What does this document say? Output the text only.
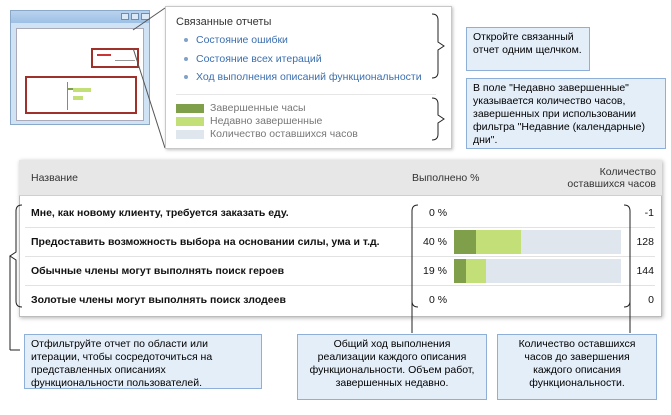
Связанные отчеты
Состояние ошибки
Состояние всех итераций
Ход выполнения описаний функциональности
Завершенные часы
Недавно завершенные
Количество оставшихся часов
Откройте связанный отчет одним щелчком.
В поле "Недавно завершенные" указывается количество часов, завершенных при использовании фильтра "Недавние (календарные) дни".
Название	Выполнено %	Количество
оставшихся часов
Мне, как новому клиенту, требуется заказать еду.	0 %	-1
Предоставить возможность выбора на основании силы, ума и т.д.	40 %	128
Обычные члены могут выполнять поиск героев	19 %	144
Золотые члены могут выполнять поиск злодеев	0 %	0
Отфильтруйте отчет по области или итерации, чтобы сосредоточиться на представленных описаниях функциональности пользователей.
Общий ход выполнения реализации каждого описания функциональности. Объем работ, завершенных недавно.
Количество оставшихся часов до завершения каждого описания функциональности.
